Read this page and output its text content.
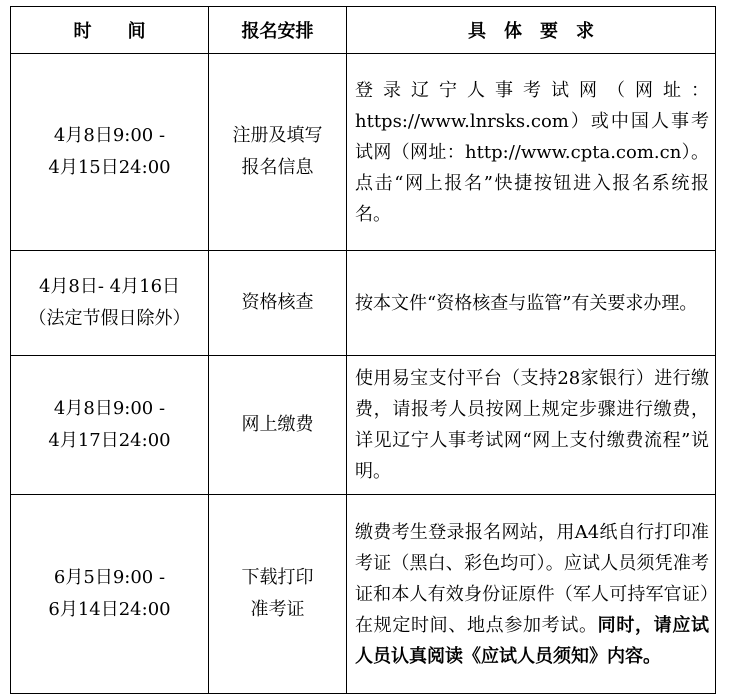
时　　间	报名安排	具　体　要　求

4月8日9:00 -
4月15日24:00	注册及填写
报名信息	登录辽宁人事考试网（网址：https://www.lnrsks.com）或中国人事考试网（网址：http://www.cpta.com.cn）。点击“网上报名”快捷按钮进入报名系统报名。

4月8日- 4月16日
（法定节假日除外）	资格核查	按本文件“资格核查与监管”有关要求办理。

4月8日9:00 -
4月17日24:00	网上缴费	使用易宝支付平台（支持28家银行）进行缴费，请报考人员按网上规定步骤进行缴费，详见辽宁人事考试网“网上支付缴费流程”说明。

6月5日9:00 -
6月14日24:00	下载打印
准考证	缴费考生登录报名网站，用A4纸自行打印准考证（黑白、彩色均可）。应试人员须凭准考证和本人有效身份证原件（军人可持军官证）在规定时间、地点参加考试。同时，请应试人员认真阅读《应试人员须知》内容。
